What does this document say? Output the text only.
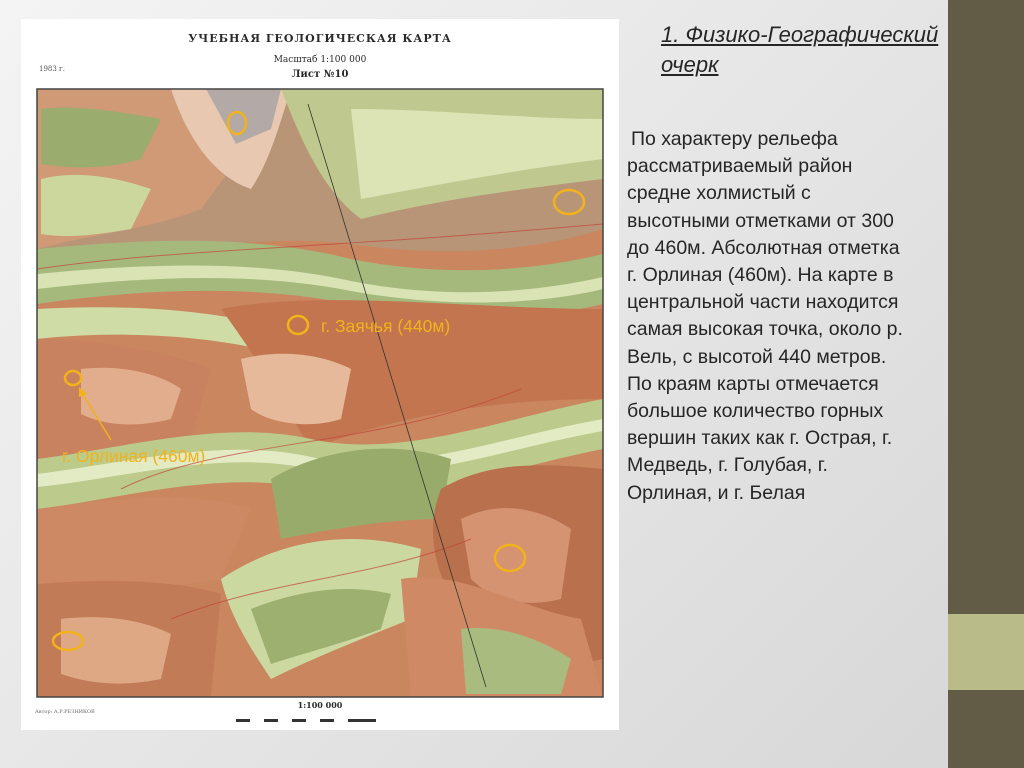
1. Физико-Географический
очерк
По характеру рельефа
рассматриваемый район
средне холмистый с
высотными отметками от 300
до 460м. Абсолютная отметка
г. Орлиная (460м). На карте в
центральной части находится
самая высокая точка, около р.
Вель, с высотой 440 метров.
По краям карты отмечается
большое количество горных
вершин таких как г. Острая, г.
Медведь, г. Голубая, г.
Орлиная, и г. Белая
УЧЕБНАЯ ГЕОЛОГИЧЕСКАЯ КАРТА
Масштаб 1:100 000
Лист №10
1983 г.
1:100 000
Автор: А.Р.РЕЗНИКОВ
г. Заячья (440м)
г. Орлиная (460м)
